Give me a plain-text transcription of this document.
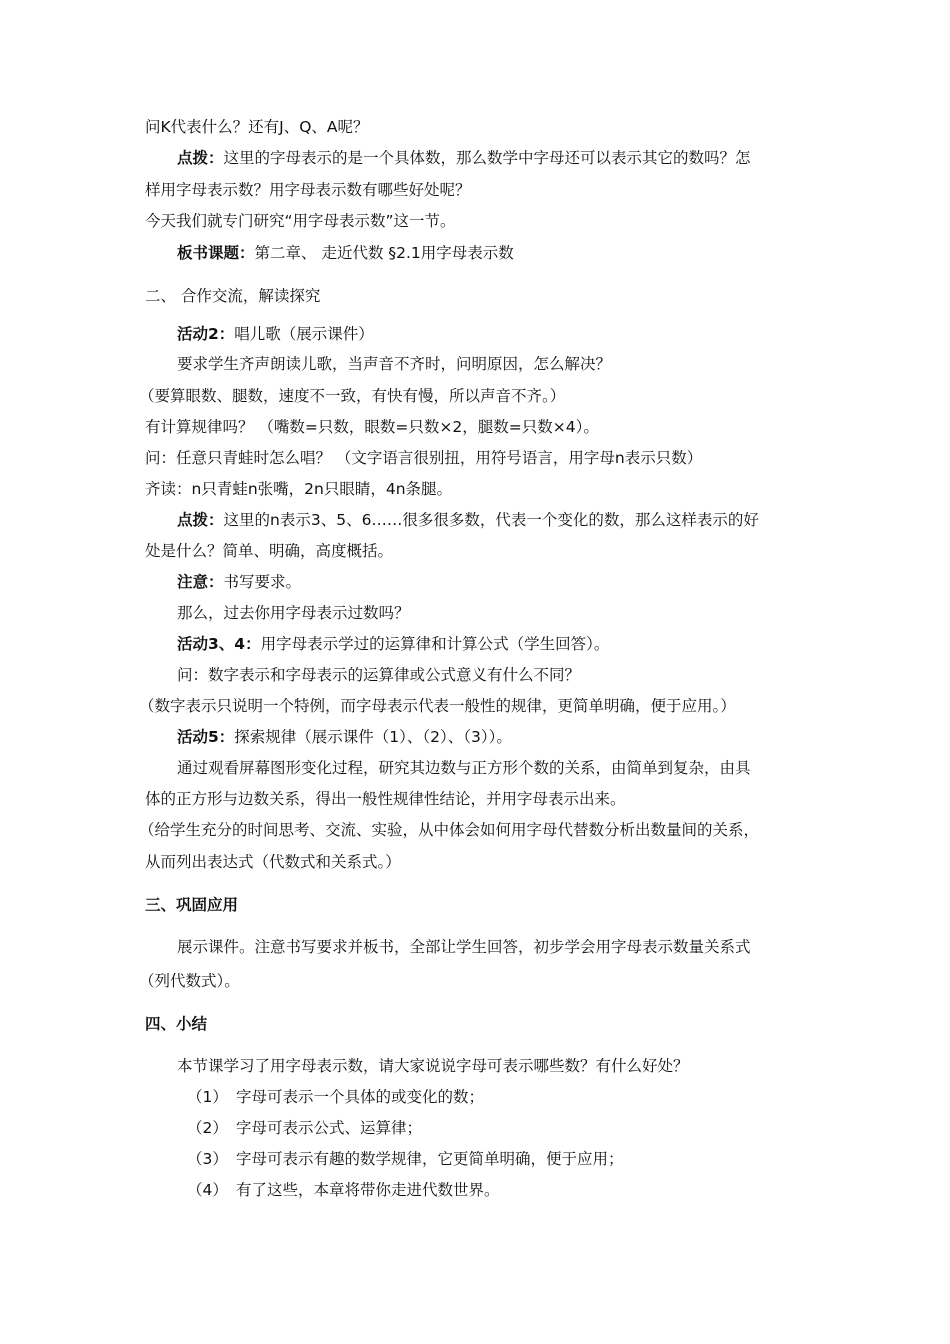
问K代表什么？还有J、Q、A呢？
点拨：这里的字母表示的是一个具体数，那么数学中字母还可以表示其它的数吗？怎
样用字母表示数？用字母表示数有哪些好处呢？
今天我们就专门研究“用字母表示数”这一节。
板书课题：第二章、 走近代数 §2.1用字母表示数
二、 合作交流，解读探究
活动2：唱儿歌（展示课件）
要求学生齐声朗读儿歌，当声音不齐时，问明原因，怎么解决？
（要算眼数、腿数，速度不一致，有快有慢，所以声音不齐。）
有计算规律吗？ （嘴数=只数，眼数=只数×2，腿数=只数×4）。
问：任意只青蛙时怎么唱？ （文字语言很别扭，用符号语言，用字母n表示只数）
齐读：n只青蛙n张嘴，2n只眼睛，4n条腿。
点拨：这里的n表示3、5、6……很多很多数，代表一个变化的数，那么这样表示的好
处是什么？简单、明确，高度概括。
注意：书写要求。
那么，过去你用字母表示过数吗？
活动3、4：用字母表示学过的运算律和计算公式（学生回答）。
问：数字表示和字母表示的运算律或公式意义有什么不同？
（数字表示只说明一个特例，而字母表示代表一般性的规律，更简单明确，便于应用。）
活动5：探索规律（展示课件（1）、（2）、（3））。
通过观看屏幕图形变化过程，研究其边数与正方形个数的关系，由简单到复杂，由具
体的正方形与边数关系，得出一般性规律性结论，并用字母表示出来。
（给学生充分的时间思考、交流、实验，从中体会如何用字母代替数分析出数量间的关系，
从而列出表达式（代数式和关系式。）
三、巩固应用
展示课件。注意书写要求并板书，全部让学生回答，初步学会用字母表示数量关系式
（列代数式）。
四、小结
本节课学习了用字母表示数，请大家说说字母可表示哪些数？有什么好处？
（1） 字母可表示一个具体的或变化的数；
（2） 字母可表示公式、运算律；
（3） 字母可表示有趣的数学规律，它更简单明确，便于应用；
（4） 有了这些，本章将带你走进代数世界。
